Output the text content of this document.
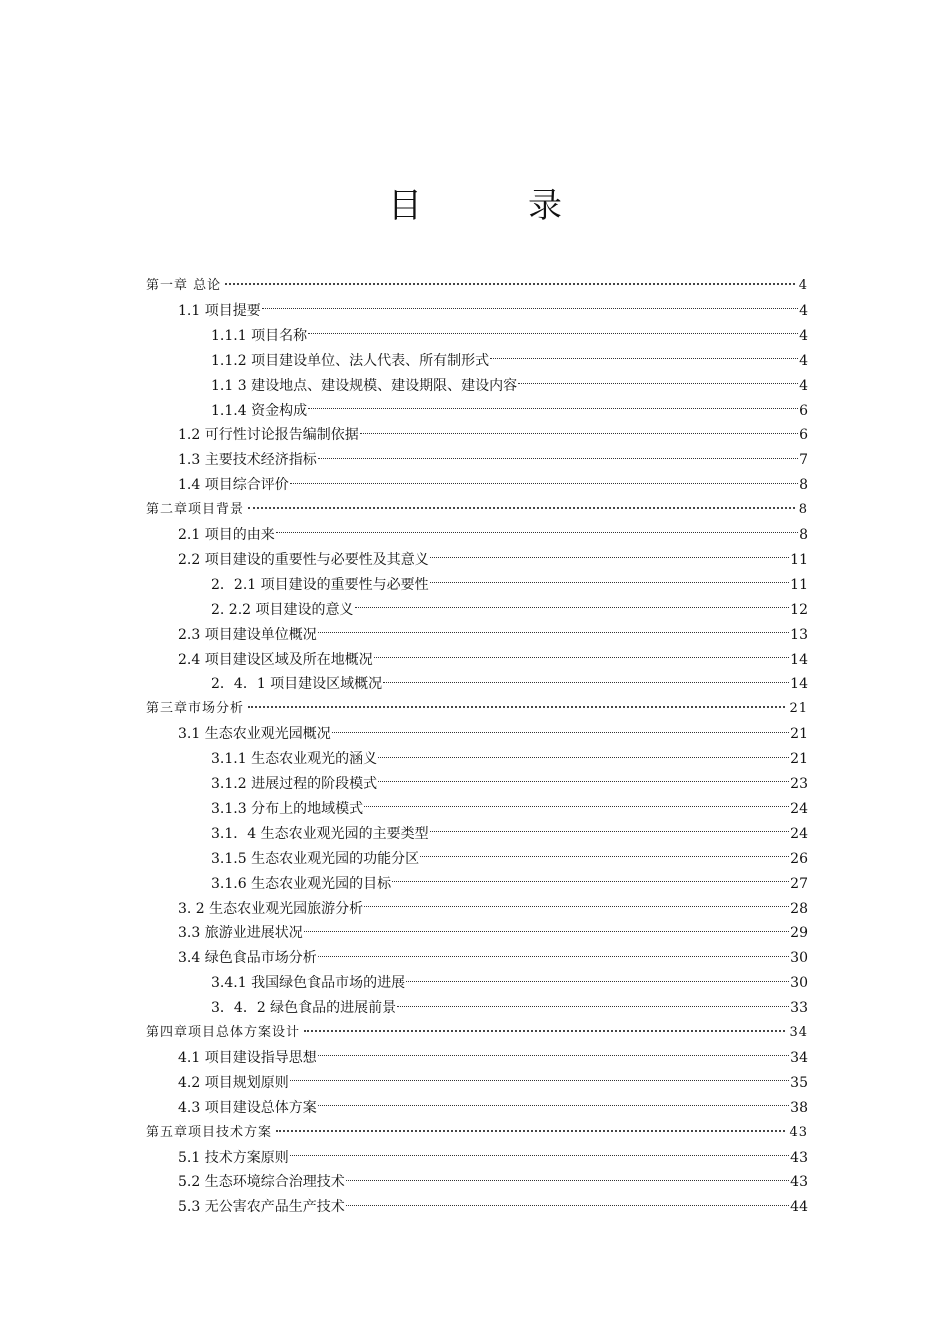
目　录
第一章 总论	4
1.1 项目提要	4
1.1.1 项目名称	4
1.1.2 项目建设单位、法人代表、所有制形式	4
1.1 3 建设地点、建设规模、建设期限、建设内容	4
1.1.4 资金构成	6
1.2 可行性讨论报告编制依据	6
1.3 主要技术经济指标	7
1.4 项目综合评价	8
第二章项目背景	8
2.1 项目的由来	8
2.2 项目建设的重要性与必要性及其意义	11
2．2.1 项目建设的重要性与必要性	11
2. 2.2 项目建设的意义	12
2.3 项目建设单位概况	13
2.4 项目建设区域及所在地概况	14
2．4．1 项目建设区域概况	14
第三章市场分析	21
3.1 生态农业观光园概况	21
3.1.1 生态农业观光的涵义	21
3.1.2 进展过程的阶段模式	23
3.1.3 分布上的地域模式	24
3.1．4 生态农业观光园的主要类型	24
3.1.5 生态农业观光园的功能分区	26
3.1.6 生态农业观光园的目标	27
3. 2 生态农业观光园旅游分析	28
3.3 旅游业进展状况	29
3.4 绿色食品市场分析	30
3.4.1 我国绿色食品市场的进展	30
3．4．2 绿色食品的进展前景	33
第四章项目总体方案设计	34
4.1 项目建设指导思想	34
4.2 项目规划原则	35
4.3 项目建设总体方案	38
第五章项目技术方案	43
5.1 技术方案原则	43
5.2 生态环境综合治理技术	43
5.3 无公害农产品生产技术	44
